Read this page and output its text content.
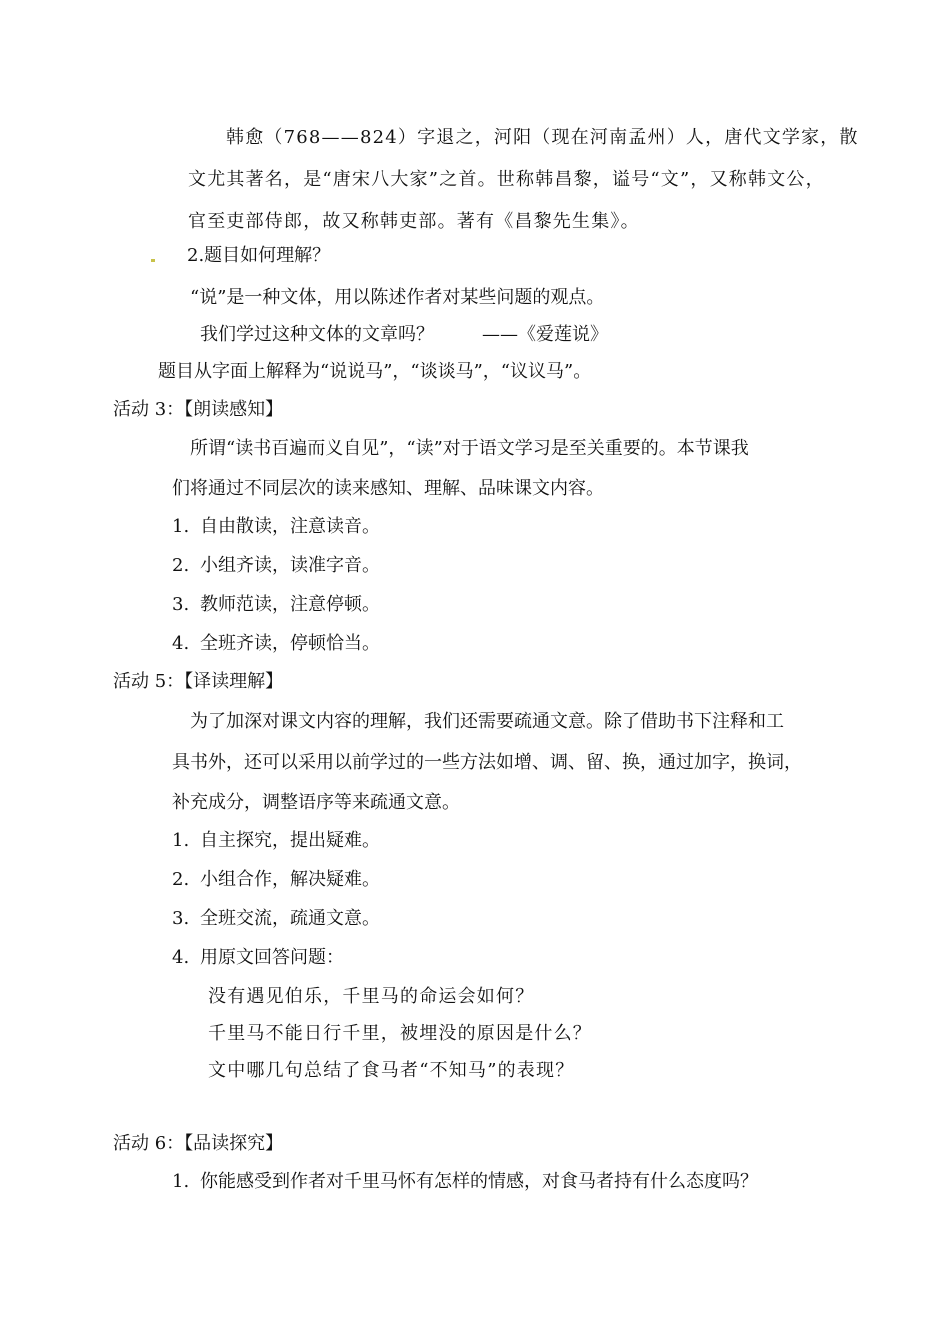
韩愈（768——824）字退之，河阳（现在河南孟州）人，唐代文学家，散
文尤其著名，是“唐宋八大家”之首。世称韩昌黎，谥号“文”，又称韩文公，
官至吏部侍郎，故又称韩吏部。著有《昌黎先生集》。
2.题目如何理解？
“说”是一种文体，用以陈述作者对某些问题的观点。
我们学过这种文体的文章吗？	——《爱莲说》
题目从字面上解释为“说说马”，“谈谈马”，“议议马”。
活动 3：【朗读感知】
所谓“读书百遍而义自见”，“读”对于语文学习是至关重要的。本节课我
们将通过不同层次的读来感知、理解、品味课文内容。
1. 自由散读，注意读音。
2. 小组齐读，读准字音。
3. 教师范读，注意停顿。
4. 全班齐读，停顿恰当。
活动 5：【译读理解】
为了加深对课文内容的理解，我们还需要疏通文意。除了借助书下注释和工
具书外，还可以采用以前学过的一些方法如增、调、留、换，通过加字，换词，
补充成分，调整语序等来疏通文意。
1. 自主探究，提出疑难。
2. 小组合作，解决疑难。
3. 全班交流，疏通文意。
4. 用原文回答问题：
没有遇见伯乐，千里马的命运会如何？
千里马不能日行千里，被埋没的原因是什么？
文中哪几句总结了食马者“不知马”的表现？
活动 6：【品读探究】
1. 你能感受到作者对千里马怀有怎样的情感，对食马者持有什么态度吗？
